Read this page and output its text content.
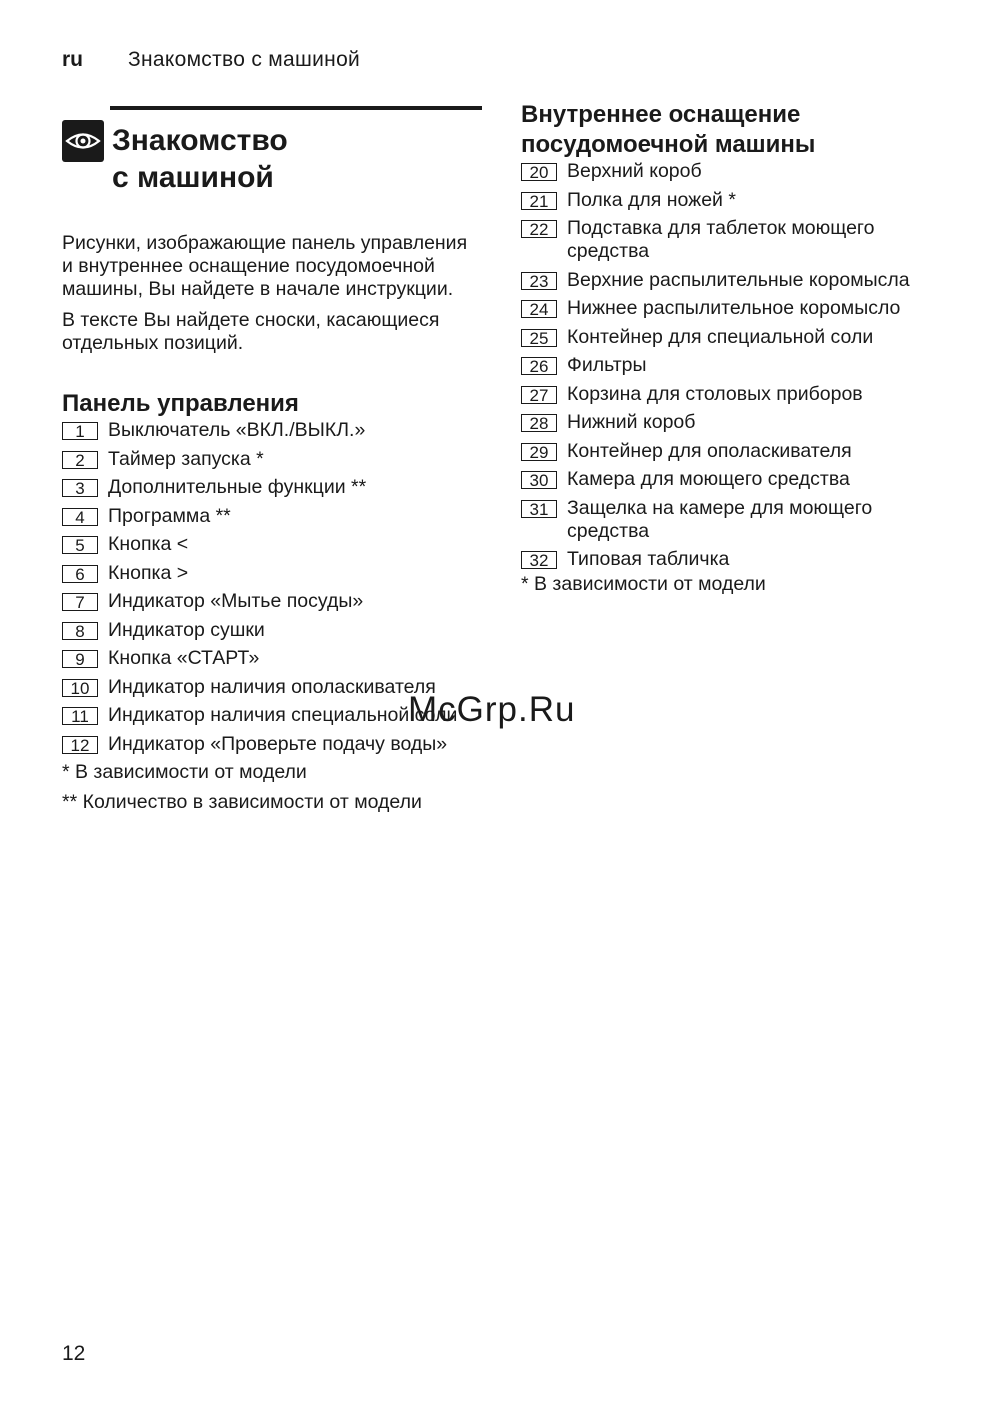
ru Знакомство с машиной
Знакомство
с машиной

Рисунки, изображающие панель управления и внутреннее оснащение посудомоечной машины, Вы найдете в начале инструкции.

В тексте Вы найдете сноски, касающиеся отдельных позиций.

Панель управления
1	Выключатель «ВКЛ./ВЫКЛ.»
2	Таймер запуска *
3	Дополнительные функции **
4	Программа **
5	Кнопка <
6	Кнопка >
7	Индикатор «Мытье посуды»
8	Индикатор сушки
9	Кнопка «СТАРТ»
10 Индикатор наличия ополаскивателя
11 Индикатор наличия специальной соли
12 Индикатор «Проверьте подачу воды»

* В зависимости от модели

** Количество в зависимости от модели

Внутреннее оснащение
посудомоечной машины
20 Верхний короб
21 Полка для ножей *
22 Подставка для таблеток моющего средства
23 Верхние распылительные коромысла
24 Нижнее распылительное коромысло
25 Контейнер для специальной соли
26 Фильтры
27 Корзина для столовых приборов
28 Нижний короб
29 Контейнер для ополаскивателя
30 Камера для моющего средства
31 Защелка на камере для моющего средства
32 Типовая табличка

* В зависимости от модели

McGrp.Ru
12
